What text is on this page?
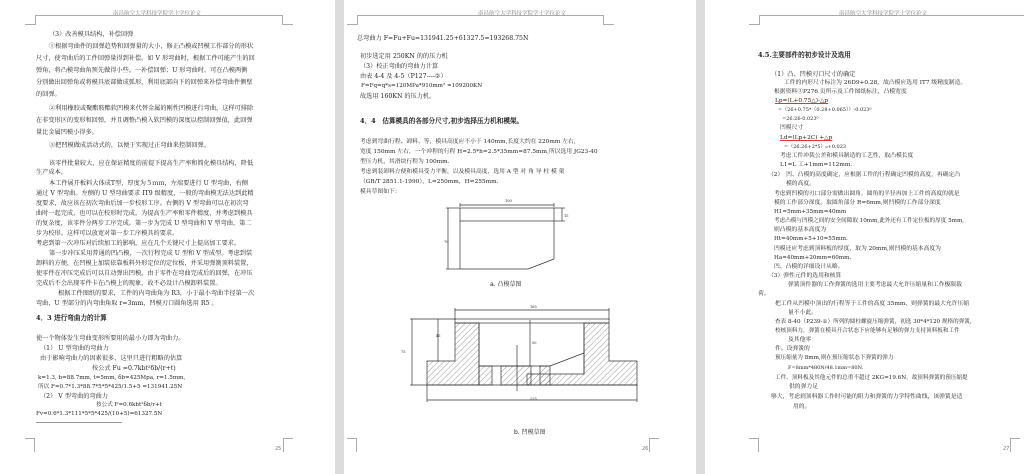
南昌航空大学科技学院学士学位论文
（3）改善模具结构，补偿回弹
①根据弯曲件的回弹趋势和回弹量的大小，修正凸模或凹模工作部分的形状
尺寸，使弯曲后的工件回弹量得到补偿。如 V 形弯曲时，根据工件可能产生的回
弹角，将凸模弯曲角预先做得小些。一补偿回弹；U 形弯曲时，可在凸模两侧
分别做出回弹角或将模具底部做成弧形，利用底部向下的回弹来补偿弯曲件侧壁
的回弹。
②利用橡胶或聚酯胺酯软凹模来代替金属的刚性凹模进行弯曲，这样可排除
在非变形区的变形和回弹，并且调整凸模入软凹模的深度以控制回弹值，此回弹
量比金属凹模小得多。
③把凹模做成活动式的，以便于实现过正弯曲来控制回弹。
该零件批量较大，应在保证精度的前提下提高生产率和简化模具结构，降低
生产成本。
本工件展开板料大体成T型，厚度为５ｍｍ，左端要进行 U 型弯曲，右侧
通过 V 型弯曲。左侧的 U 型弯曲要求 IT9 级精度，一般的弯曲模无法达到此精
度要求，故应该在初次弯曲后加一步校形工序。右侧的 V 型弯曲可以在初次弯
曲时一起完成，也可以在校形时完成。为提高生产率和零件精度，并考虑到模具
的复杂度，该零件分两步工序完成。第一步为完成 U 型弯曲和 V 型弯曲，第二
步为校形。这样可以放宽对第一步工序模具的要求。
考虑到第一次冲压对后续加工的影响，应在几个关键尺寸上提高加工要求。
第一步冲压采用普通的凹凸模，一次行程完成 U 型和 V 型成型。考虑到装
卸料的方便，在凹模上加装依靠板料外形定位的定位板，并采用弹簧顶料装置，
使零件在冲压完成后可以自动弹出凹模。由于零件在弯曲完成后的回弹，在冲压
完成后不会出现零件卡在凸模上的现象，故不必设计凸模卸料装置。
根据工件图纸的要求，工件的内弯曲角为 R3，小于最小弯曲半径第一次
弯曲，U 型部分的内弯曲角取 r=3mm，凹模刃口圆角选用 R5 。
4．3 进行弯曲力的计算
使一个物体发生弯曲变形所要用的最小力即为弯曲力。
（1） U 型弯曲的弯曲力
由于影响弯曲力的因素很多，这里只进行粗略的估算
按公式 Fu =0.7kbt²δb/(r+t)
k=1.3, b=88.7mm, t=5mm, δb=425Mpa, r=1.5mm,
所以 F=0.7*1.3*88.7*5*5*425/1.5+5 =131941.25N
（2） V 型弯曲的弯曲力
按公式 F=0.6kbt²δb/r+t
Fv=0.6*1.3*111*5*5*425/(10+5)=61327.5N
25
南昌航空大学科技学院学士学位论文
总弯曲力 F=Fu+Fu=131941.25+61327.5=193268.75N
初步选定用 250KN 的的压力机
（3）校正弯曲的弯曲力计算
由表 4-4 及 4-5（P127----②）
F=Fq=q*s=120MPa*910mm² =109200KN
故选用 160KN 的压力机。
4．4　估算模具的各部分尺寸,初步选择压力机和模架。
考虑到弯曲行程、卸料、等，模具高度应不小于 140mm,长度大约在 220mm 左右,
宽度 150mm 左右，一个冲程的行程 H=2.5*h=2.5*35mm=87.5mm,所以选用 JG23-40
型压力机，其滑块行程为 100mm.
考虑到装卸料方便和模具受力平衡，以及模具高度，选用 A 型 对 角 导 柱 模 架
（GB/T 2851.1-1990），L=250mm，H=255mm.
模具草图如下：
100
70
15
a. 凸模草图
165
225
75
45
50
b. 凹模草图
26
南昌航空大学科技学院学士学位论文
4.5.主要部件的初步设计及选用
（1）凸、凹模刃口尺寸的确定
工件的内形尺寸标注为 26D9+0.28，故凸模应选用 IT7 级精度制造。
根据资料③P276 页所示及工件图纸标注，凸模宽度
Lp=(L+0.75△)-△p
=（26+0.75*（0.28+0.065））-0.023⁰
=26.26-0.023⁰
凹模尺寸
Ld=(Lp+2C) +△p
=（26.26+2*5）₀+0.023
考虑工件冲裁公差和模具制造的工艺性，取凸模长度
L1=L 工+1mm=112mm.
（2）　凹、凸模的高度确定，应根据工件的行程确定凹模的高度，再确定凸
模的高度。
考虑到凹模的刃口部分需做出圆角，圆角的半径再加上工件的高度的就是
模的工作部分深度。取圆角部分 R=6mm,则凹模的工作部分深度
H1=5mm+35mm=40mm
考虑凸模与凹模之间的安全间隙取 10mm,此外还有工件定位板的厚度 5mm,
则凸模的基本高度为
Ht=40mm+5+10=55mm.
凹模还应考虑到顶料板的厚度，取为 20mm,则凹模的基本高度为
Ha=40mm+20mm=60mm.
凹、凸模的详细设计从略。
（3）弹性元件的选用和核算
弹簧顶件器的工作弹簧的选用主要考虑最大允许压缩量和工作极限载
荷。
把工件从凹模中顶出的行程等于工件的高度 35mm，则弹簧的最大允许压缩
量不小此。
查表 8-40（P239-①）所列的圆柱螺旋压缩弹簧，初选 30*4*120 规格的弹簧，
校核顶料力，弹簧在模具开合状态下应能够有足够的弹力支持顶料板和工件
及其他零
件。设弹簧的
预压缩量为 8mm,则在预压缩状态下弹簧的弹力
F=8mm*480N/48.1mm=80N.
工件、顶料板及其他元件的总重不超过 2KG=19.6N，故顶料弹簧的预压缩提
供的弹力足
够大，考虑到顶料器工作时可能的阻力和弹簧的力学特性曲线，该弹簧是适
用的。
27
